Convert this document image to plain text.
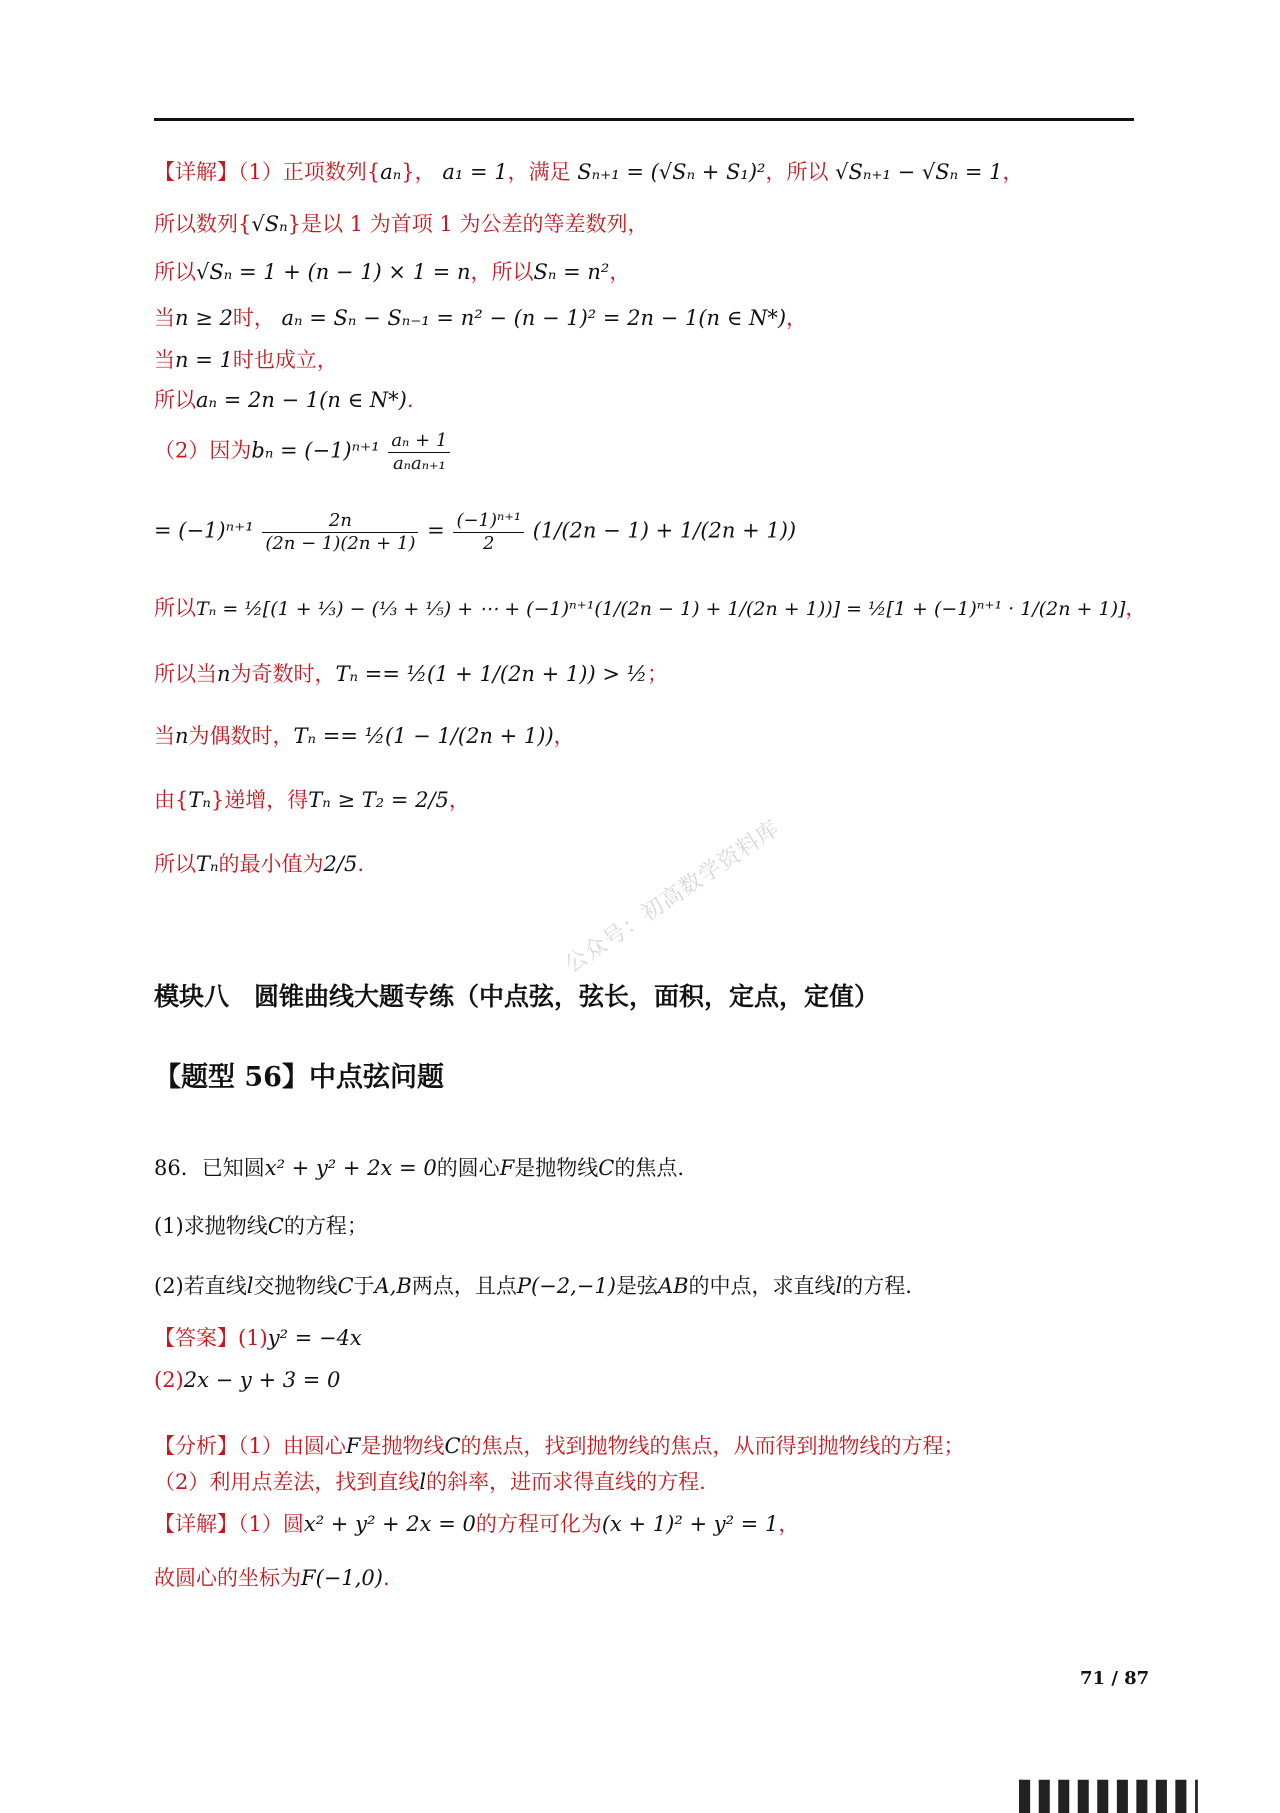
【详解】（1）正项数列{aₙ}， a₁ = 1，满足 Sₙ₊₁ = (√Sₙ + S₁)²，所以 √Sₙ₊₁ − √Sₙ = 1，
所以数列{√Sₙ}是以 1 为首项 1 为公差的等差数列，
所以√Sₙ = 1 + (n − 1) × 1 = n，所以Sₙ = n²，
当n ≥ 2时， aₙ = Sₙ − Sₙ₋₁ = n² − (n − 1)² = 2n − 1(n ∈ N*)，
当n = 1时也成立，
所以aₙ = 2n − 1(n ∈ N*).
（2）因为$b_n = (-1)^{n+1} \frac{\text{aₙ + 1}}{\text{aₙaₙ₊₁}}$
= $(-1)^{n+1} \frac{2n}{(2n - 1)(2n + 1)} = \frac{\text{(−1)ⁿ⁺¹}}{2} (1/(2n - 1) + 1/(2n + 1))$
所以Tₙ = ½[(1 + ⅓) − (⅓ + ⅕) + ⋯ + (−1)ⁿ⁺¹(1/(2n − 1) + 1/(2n + 1))] = ½[1 + (−1)ⁿ⁺¹ · 1/(2n + 1)]，
所以当n为奇数时，Tₙ == ½(1 + 1/(2n + 1)) > ½；
当n为偶数时，Tₙ == ½(1 − 1/(2n + 1))，
由{Tₙ}递增，得Tₙ ≥ T₂ = 2/5，
所以Tₙ的最小值为2/5.	公众号：初高数学资料库
模块八　圆锥曲线大题专练（中点弦，弦长，面积，定点，定值）
【题型 56】中点弦问题
86．已知圆x² + y² + 2x = 0的圆心F是抛物线C的焦点.
(1)求抛物线C的方程；
(2)若直线l交抛物线C于A,B两点，且点P(−2,−1)是弦AB的中点，求直线l的方程.
【答案】(1)y² = −4x
(2)2x − y + 3 = 0
【分析】（1）由圆心F是抛物线C的焦点，找到抛物线的焦点，从而得到抛物线的方程；
（2）利用点差法，找到直线l的斜率，进而求得直线的方程.
【详解】（1）圆x² + y² + 2x = 0的方程可化为(x + 1)² + y² = 1，
故圆心的坐标为F(−1,0).
71 / 87
▕▌▌▌▌▌▌▌▌▌▏
